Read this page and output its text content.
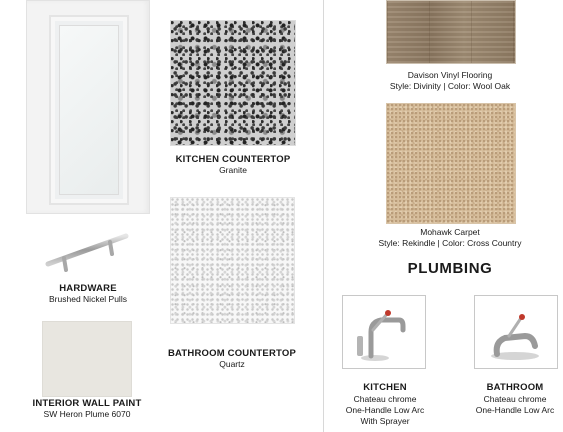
KITCHEN COUNTERTOP
Granite
HARDWARE
Brushed Nickel Pulls
BATHROOM COUNTERTOP
Quartz
INTERIOR WALL PAINT
SW Heron Plume 6070
Davison Vinyl Flooring
Style: Divinity | Color: Wool Oak
Mohawk Carpet
Style: Rekindle | Color: Cross Country
PLUMBING
KITCHEN
Chateau chrome
One-Handle Low Arc
With Sprayer
BATHROOM
Chateau chrome
One-Handle Low Arc
